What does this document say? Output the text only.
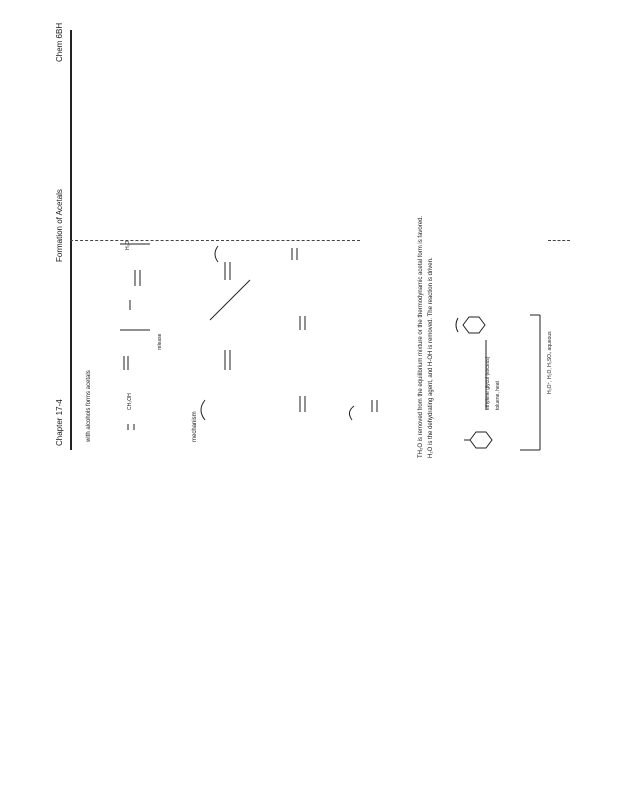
Chapter 17-4
Formation of Acetals
Chem 6BH
with alcohols forms acetals	mechanism
release
H₂O
CH₃OH	TH₂O is removed from the equilibrium mixture or the thermodynamic acetal form is favored. H₂O is the dehydrating agent, and H-OH is removed. The reaction is driven.	ethylene glycol (excess) toluene, heat
H₃O⁺, H₂O, H₃SO₄ aqueous
